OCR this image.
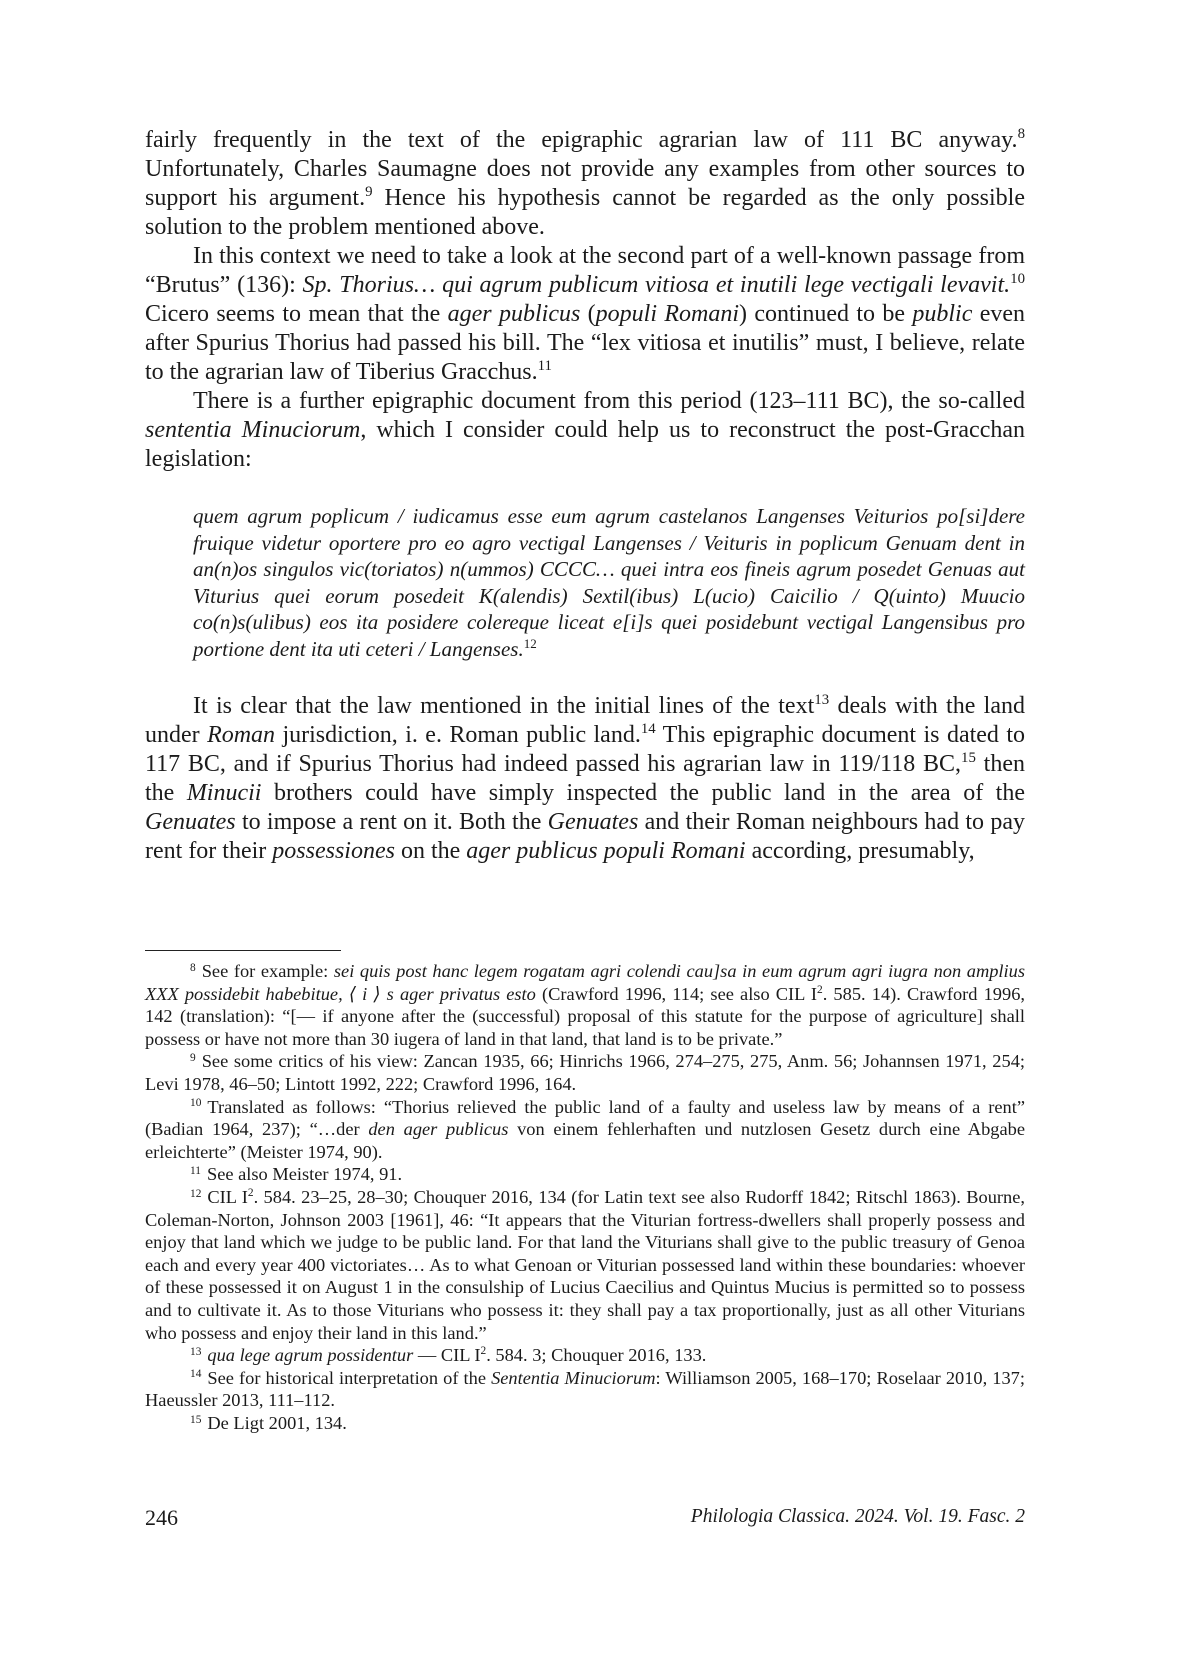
fairly frequently in the text of the epigraphic agrarian law of 111 BC anyway.$^8$ Unfortunately, Charles Saumagne does not provide any examples from other sources to support his argument.$^9$ Hence his hypothesis cannot be regarded as the only possible solution to the problem mentioned above.

In this context we need to take a look at the second part of a well-known passage from “Brutus” (136): Sp. Thorius… qui agrum publicum vitiosa et inutili lege vectigali levavit.$^{10}$ Cicero seems to mean that the ager publicus (populi Romani) continued to be public even after Spurius Thorius had passed his bill. The “lex vitiosa et inutilis” must, I believe, relate to the agrarian law of Tiberius Gracchus.$^{11}$

There is a further epigraphic document from this period (123–111 BC), the so-called sententia Minuciorum, which I consider could help us to reconstruct the post-Gracchan legislation:

quem agrum poplicum / iudicamus esse eum agrum castelanos Langenses Veiturios po[si]dere fruique videtur oportere pro eo agro vectigal Langenses / Veituris in poplicum Genuam dent in an(n)os singulos vic(toriatos) n(ummos) CCCC… quei intra eos fineis agrum posedet Genuas aut Viturius quei eorum posedeit K(alendis) Sextil(ibus) L(ucio) Caicilio / Q(uinto) Muucio co(n)s(ulibus) eos ita posidere colereque liceat e[i]s quei posidebunt vectigal Langensibus pro portione dent ita uti ceteri / Langenses.$^{12}$

It is clear that the law mentioned in the initial lines of the text$^{13}$ deals with the land under Roman jurisdiction, i. e. Roman public land.$^{14}$ This epigraphic document is dated to 117 BC, and if Spurius Thorius had indeed passed his agrarian law in 119/118 BC,$^{15}$ then the Minucii brothers could have simply inspected the public land in the area of the Genuates to impose a rent on it. Both the Genuates and their Roman neighbours had to pay rent for their possessiones on the ager publicus populi Romani according, presumably,

$^8$ See for example: sei quis post hanc legem rogatam agri colendi cau]sa in eum agrum agri iugra non amplius XXX possidebit habebitue, ⟨ i ⟩ s ager privatus esto (Crawford 1996, 114; see also CIL $I^2$. 585. 14). Crawford 1996, 142 (translation): “[— if anyone after the (successful) proposal of this statute for the purpose of agriculture] shall possess or have not more than 30 iugera of land in that land, that land is to be private.”

$^9$ See some critics of his view: Zancan 1935, 66; Hinrichs 1966, 274–275, 275, Anm. 56; Johannsen 1971, 254; Levi 1978, 46–50; Lintott 1992, 222; Crawford 1996, 164.

$^{10}$ Translated as follows: “Thorius relieved the public land of a faulty and useless law by means of a rent” (Badian 1964, 237); “…der den ager publicus von einem fehlerhaften und nutzlosen Gesetz durch eine Abgabe erleichterte” (Meister 1974, 90).

$^{11}$ See also Meister 1974, 91.

$^{12}$ CIL $I^2$. 584. 23–25, 28–30; Chouquer 2016, 134 (for Latin text see also Rudorff 1842; Ritschl 1863). Bourne, Coleman-Norton, Johnson 2003 [1961], 46: “It appears that the Viturian fortress-dwellers shall properly possess and enjoy that land which we judge to be public land. For that land the Viturians shall give to the public treasury of Genoa each and every year 400 victoriates… As to what Genoan or Viturian possessed land within these boundaries: whoever of these possessed it on August 1 in the consulship of Lucius Caecilius and Quintus Mucius is permitted so to possess and to cultivate it. As to those Viturians who possess it: they shall pay a tax proportionally, just as all other Viturians who possess and enjoy their land in this land.”

$^{13}$ qua lege agrum possidentur — CIL $I^2$. 584. 3; Chouquer 2016, 133.

$^{14}$ See for historical interpretation of the Sententia Minuciorum: Williamson 2005, 168–170; Roselaar 2010, 137; Haeussler 2013, 111–112.

$^{15}$ De Ligt 2001, 134.

246	Philologia Classica. 2024. Vol. 19. Fasc. 2
